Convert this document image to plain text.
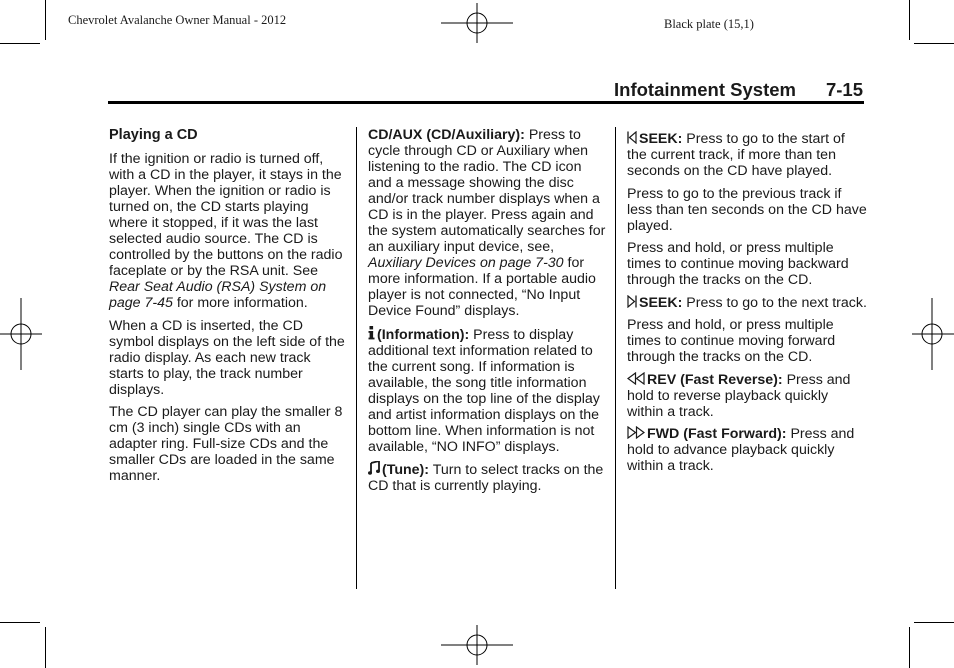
Chevrolet Avalanche Owner Manual - 2012	Black plate (15,1)
Infotainment System 7-15
Playing a CD

If the ignition or radio is turned off, with a CD in the player, it stays in the player. When the ignition or radio is turned on, the CD starts playing where it stopped, if it was the last selected audio source. The CD is controlled by the buttons on the radio faceplate or by the RSA unit. See Rear Seat Audio (RSA) System on page 7-45 for more information.

When a CD is inserted, the CD symbol displays on the left side of the radio display. As each new track starts to play, the track number displays.

The CD player can play the smaller 8 cm (3 inch) single CDs with an adapter ring. Full-size CDs and the smaller CDs are loaded in the same manner.

CD/AUX (CD/Auxiliary): Press to cycle through CD or Auxiliary when listening to the radio. The CD icon and a message showing the disc and/or track number displays when a CD is in the player. Press again and the system automatically searches for an auxiliary input device, see, Auxiliary Devices on page 7-30 for more information. If a portable audio player is not connected, “No Input Device Found” displays.

(Information): Press to display additional text information related to the current song. If information is available, the song title information displays on the top line of the display and artist information displays on the bottom line. When information is not available, “NO INFO” displays.

(Tune): Turn to select tracks on the CD that is currently playing.

SEEK: Press to go to the start of the current track, if more than ten seconds on the CD have played.

Press to go to the previous track if less than ten seconds on the CD have played.

Press and hold, or press multiple times to continue moving backward through the tracks on the CD.

SEEK: Press to go to the next track.

Press and hold, or press multiple times to continue moving forward through the tracks on the CD.

REV (Fast Reverse): Press and hold to reverse playback quickly within a track.

FWD (Fast Forward): Press and hold to advance playback quickly within a track.
